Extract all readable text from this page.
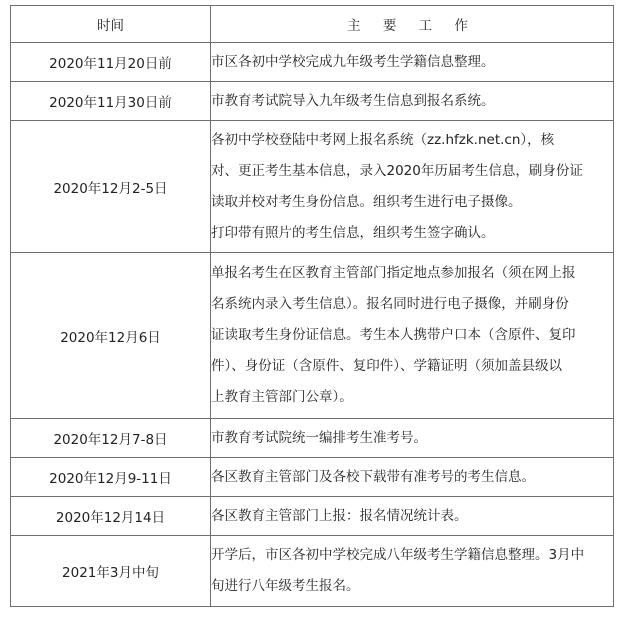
时间	主 要 工 作
2020年11月20日前	市区各初中学校完成九年级考生学籍信息整理。

2020年11月30日前	市教育考试院导入九年级考生信息到报名系统。

2020年12月2-5日	各初中学校登陆中考网上报名系统（zz.hfzk.net.cn），核
对、更正考生基本信息，录入2020年历届考生信息，刷身份证
读取并校对考生身份信息。组织考生进行电子摄像。
打印带有照片的考生信息，组织考生签字确认。

2020年12月6日	单报名考生在区教育主管部门指定地点参加报名（须在网上报
名系统内录入考生信息）。报名同时进行电子摄像，并刷身份
证读取考生身份证信息。考生本人携带户口本（含原件、复印
件）、身份证（含原件、复印件）、学籍证明（须加盖县级以
上教育主管部门公章）。

2020年12月7-8日	市教育考试院统一编排考生准考号。

2020年12月9-11日	各区教育主管部门及各校下载带有准考号的考生信息。

2020年12月14日	各区教育主管部门上报：报名情况统计表。

2021年3月中旬	开学后，市区各初中学校完成八年级考生学籍信息整理。3月中
旬进行八年级考生报名。
